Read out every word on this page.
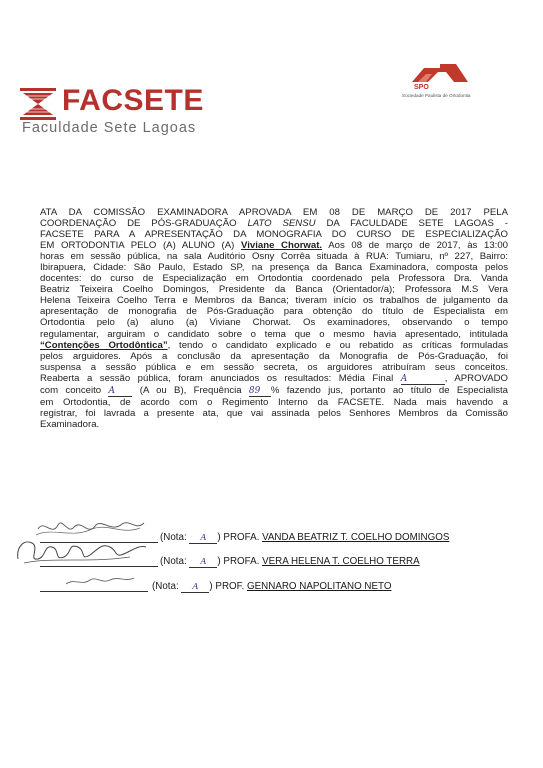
FACSETE
Faculdade Sete Lagoas
SPO
Sociedade Paulista de Ortodontia
ATA DA COMISSÃO EXAMINADORA APROVADA EM 08 DE MARÇO DE 2017 PELA
COORDENAÇÃO DE PÓS-GRADUAÇÃO LATO SENSU DA FACULDADE SETE LAGOAS -
FACSETE PARA A APRESENTAÇÃO DA MONOGRAFIA DO CURSO DE ESPECIALIZAÇÃO
EM ORTODONTIA PELO (A) ALUNO (A) Viviane Chorwat. Aos 08 de março de 2017, às 13:00
horas em sessão pública, na sala Auditório Osny Corrêa situada à RUA: Tumiaru, nº 227, Bairro:
Ibirapuera, Cidade: São Paulo, Estado SP, na presença da Banca Examinadora, composta pelos
docentes: do curso de Especialização em Ortodontia coordenado pela Professora Dra. Vanda
Beatriz Teixeira Coelho Domingos, Presidente da Banca (Orientador/a); Professora M.S Vera
Helena Teixeira Coelho Terra e Membros da Banca; tiveram início os trabalhos de julgamento da
apresentação de monografia de Pós-Graduação para obtenção do título de Especialista em
Ortodontia pelo (a) aluno (a) Viviane Chorwat. Os examinadores, observando o tempo
regulamentar, arguiram o candidato sobre o tema que o mesmo havia apresentado, intitulada
“Contenções Ortodôntica”, tendo o candidato explicado e ou rebatido as críticas formuladas
pelos arguidores. Após a conclusão da apresentação da Monografia de Pós-Graduação, foi
suspensa a sessão pública e em sessão secreta, os arguidores atribuíram seus conceitos.
Reaberta a sessão pública, foram anunciados os resultados: Média Final A	, APROVADO
com conceito A	(A ou B), Frequência 89 % fazendo jus, portanto ao título de Especialista
em Ortodontia, de acordo com o Regimento Interno da FACSETE. Nada mais havendo a
registrar, foi lavrada a presente ata, que vai assinada pelos Senhores Membros da Comissão
Examinadora.
(Nota: A ) PROFA. VANDA BEATRIZ T. COELHO DOMINGOS
(Nota: A ) PROFA. VERA HELENA T. COELHO TERRA
(Nota: A ) PROF. GENNARO NAPOLITANO NETO
